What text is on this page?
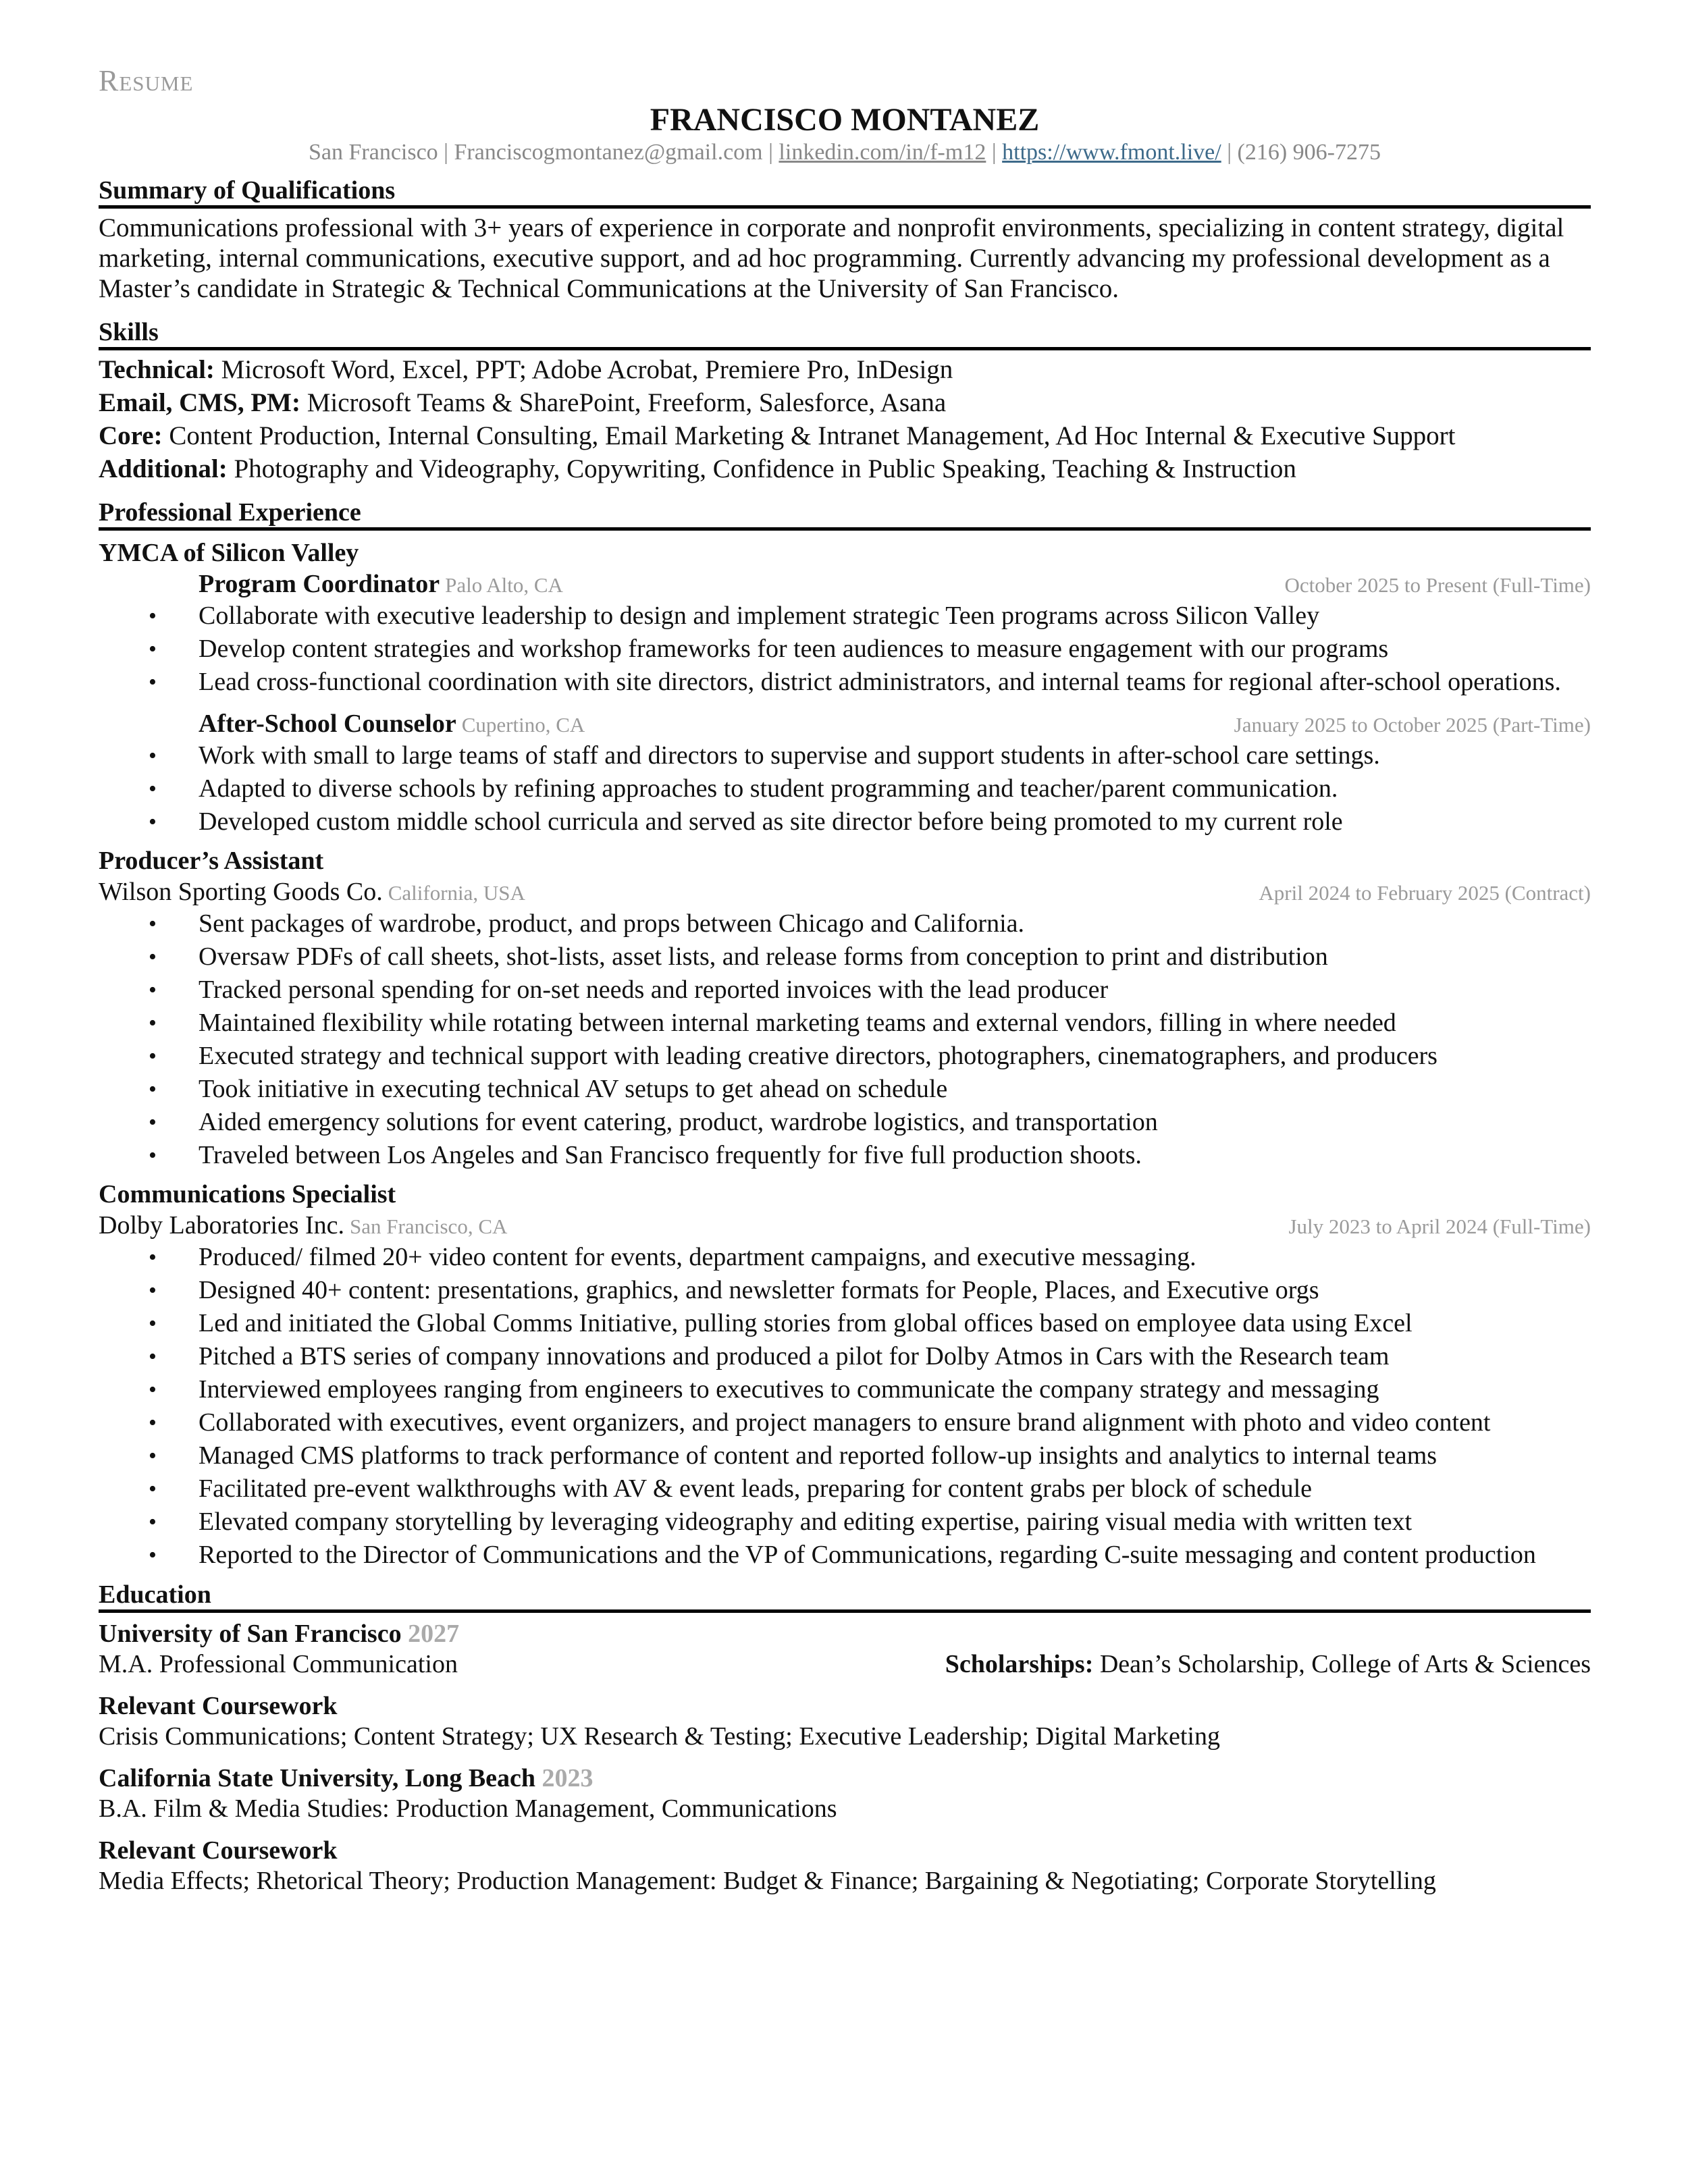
Resume
FRANCISCO MONTANEZ
San Francisco | Franciscogmontanez@gmail.com | linkedin.com/in/f-m12 | https://www.fmont.live/ | (216) 906-7275
Summary of Qualifications
Communications professional with 3+ years of experience in corporate and nonprofit environments, specializing in content strategy, digital marketing, internal communications, executive support, and ad hoc programming. Currently advancing my professional development as a Master’s candidate in Strategic & Technical Communications at the University of San Francisco.
Skills
Technical: Microsoft Word, Excel, PPT; Adobe Acrobat, Premiere Pro, InDesign
Email, CMS, PM: Microsoft Teams & SharePoint, Freeform, Salesforce, Asana
Core: Content Production, Internal Consulting, Email Marketing & Intranet Management, Ad Hoc Internal & Executive Support
Additional: Photography and Videography, Copywriting, Confidence in Public Speaking, Teaching & Instruction
Professional Experience
YMCA of Silicon Valley
Program Coordinator Palo Alto, CA	October 2025 to Present (Full-Time)
• Collaborate with executive leadership to design and implement strategic Teen programs across Silicon Valley
• Develop content strategies and workshop frameworks for teen audiences to measure engagement with our programs
• Lead cross-functional coordination with site directors, district administrators, and internal teams for regional after-school operations.
After-School Counselor Cupertino, CA	January 2025 to October 2025 (Part-Time)
• Work with small to large teams of staff and directors to supervise and support students in after-school care settings.
• Adapted to diverse schools by refining approaches to student programming and teacher/parent communication.
• Developed custom middle school curricula and served as site director before being promoted to my current role
Producer’s Assistant
Wilson Sporting Goods Co. California, USA	April 2024 to February 2025 (Contract)
• Sent packages of wardrobe, product, and props between Chicago and California.
• Oversaw PDFs of call sheets, shot-lists, asset lists, and release forms from conception to print and distribution
• Tracked personal spending for on-set needs and reported invoices with the lead producer
• Maintained flexibility while rotating between internal marketing teams and external vendors, filling in where needed
• Executed strategy and technical support with leading creative directors, photographers, cinematographers, and producers
• Took initiative in executing technical AV setups to get ahead on schedule
• Aided emergency solutions for event catering, product, wardrobe logistics, and transportation
• Traveled between Los Angeles and San Francisco frequently for five full production shoots.
Communications Specialist
Dolby Laboratories Inc. San Francisco, CA	July 2023 to April 2024 (Full-Time)
• Produced/ filmed 20+ video content for events, department campaigns, and executive messaging.
• Designed 40+ content: presentations, graphics, and newsletter formats for People, Places, and Executive orgs
• Led and initiated the Global Comms Initiative, pulling stories from global offices based on employee data using Excel
• Pitched a BTS series of company innovations and produced a pilot for Dolby Atmos in Cars with the Research team
• Interviewed employees ranging from engineers to executives to communicate the company strategy and messaging
• Collaborated with executives, event organizers, and project managers to ensure brand alignment with photo and video content
• Managed CMS platforms to track performance of content and reported follow-up insights and analytics to internal teams
• Facilitated pre-event walkthroughs with AV & event leads, preparing for content grabs per block of schedule
• Elevated company storytelling by leveraging videography and editing expertise, pairing visual media with written text
• Reported to the Director of Communications and the VP of Communications, regarding C-suite messaging and content production
Education
University of San Francisco 2027
M.A. Professional Communication	Scholarships: Dean’s Scholarship, College of Arts & Sciences
Relevant Coursework
Crisis Communications; Content Strategy; UX Research & Testing; Executive Leadership; Digital Marketing
California State University, Long Beach 2023
B.A. Film & Media Studies: Production Management, Communications
Relevant Coursework
Media Effects; Rhetorical Theory; Production Management: Budget & Finance; Bargaining & Negotiating; Corporate Storytelling
